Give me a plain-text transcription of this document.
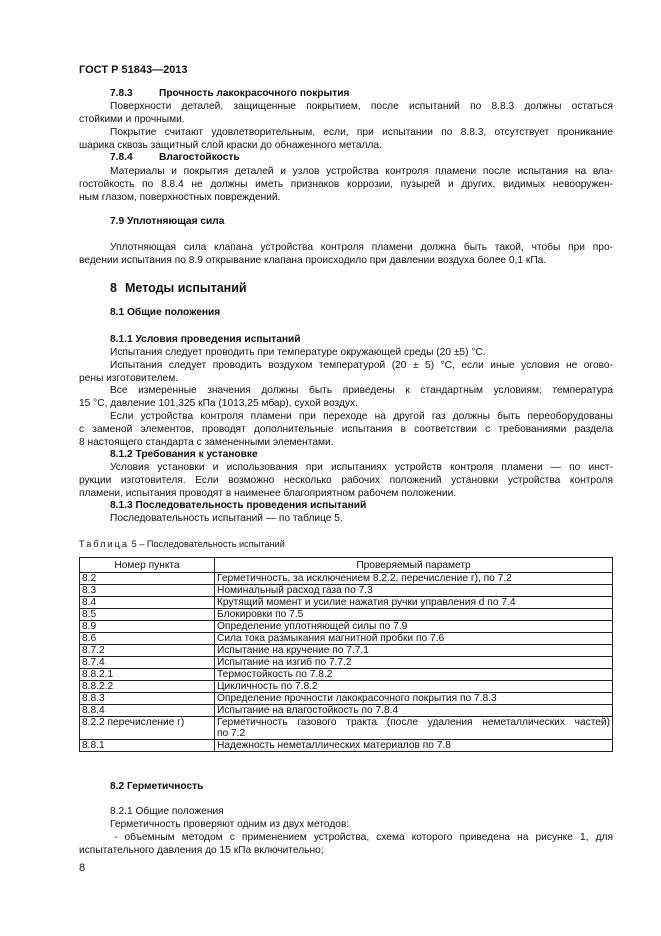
ГОСТ Р 51843—2013
7.8.3	Прочность лакокрасочного покрытия
Поверхности деталей, защищенные покрытием, после испытаний по 8.8.3 должны остаться
стойкими и прочными.
Покрытие считают удовлетворительным, если, при испытании по 8.8.3, отсутствует проникание
шарика сквозь защитный слой краски до обнаженного металла.
7.8.4	Влагостойкость
Материалы и покрытия деталей и узлов устройства контроля пламени после испытания на вла-
гостойкость по 8.8.4 не должны иметь признаков коррозии, пузырей и других, видимых невооружен-
ным глазом, поверхностных повреждений.
7.9 Уплотняющая сила
Уплотняющая сила клапана устройства контроля пламени должна быть такой, чтобы при про-
ведении испытания по 8.9 открывание клапана происходило при давлении воздуха более 0,1 кПа.
8 Методы испытаний
8.1 Общие положения
8.1.1 Условия проведения испытаний
Испытания следует проводить при температуре окружающей среды (20 ±5) °С.
Испытания следует проводить воздухом температурой (20 ± 5) °С, если иные условия не огово-
рены изготовителем.
Все измеренные значения должны быть приведены к стандартным условиям: температура
15 °С, давление 101,325 кПа (1013,25 мбар), сухой воздух.
Если устройства контроля пламени при переходе на другой газ должны быть переоборудованы
с заменой элементов, проводят дополнительные испытания в соответствии с требованиями раздела
8 настоящего стандарта с замененными элементами.
8.1.2 Требования к установке
Условия установки и использования при испытаниях устройств контроля пламени — по инст-
рукции изготовителя. Если возможно несколько рабочих положений установки устройства контроля
пламени, испытания проводят в наименее благоприятном рабочем положении.
8.1.3 Последовательность проведения испытаний
Последовательность испытаний — по таблице 5.
Таблица 5 – Последовательность испытаний
Номер пункта	Проверяемый параметр
8.2	Герметичность, за исключением 8.2.2, перечисление г), по 7.2
8.3	Номинальный расход газа по 7.3
8.4	Крутящий момент и усилие нажатия ручки управления d по 7.4
8.5	Блокировки по 7.5
8.9	Определение уплотняющей силы по 7.9
8.6	Сила тока размыкания магнитной пробки по 7.6
8.7.2	Испытание на кручение по 7.7.1
8.7.4	Испытание на изгиб по 7.7.2
8.8.2.1	Термостойкость по 7.8.2
8.8.2.2	Цикличность по 7.8.2
8.8.3	Определение прочности лакокрасочного покрытия по 7.8.3
8.8.4	Испытание на влагостойкость по 7.8.4
8.2.2 перечисление г)	Герметичность газового тракта (после удаления неметаллических частей)
по 7.2

8.8.1	Надежность неметаллических материалов по 7.8
8.2 Герметичность
8.2.1 Общие положения
Герметичность проверяют одним из двух методов:
- объемным методом с применением устройства, схема которого приведена на рисунке 1, для
испытательного давления до 15 кПа включительно;
8
